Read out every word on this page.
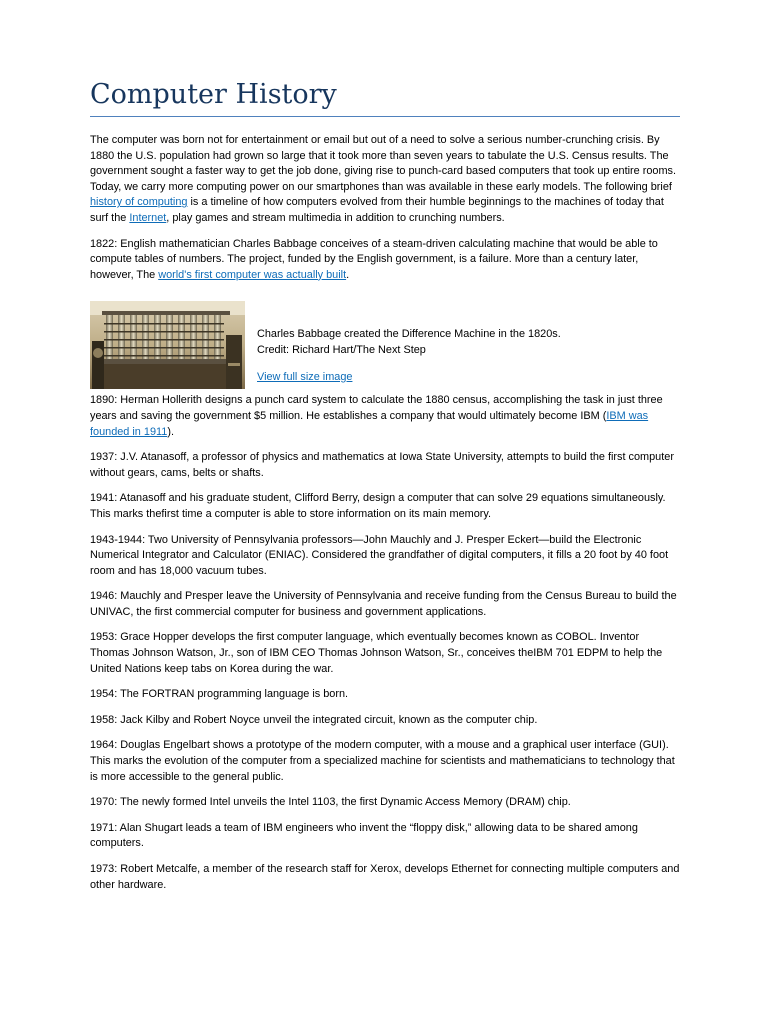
Computer History

The computer was born not for entertainment or email but out of a need to solve a serious number-crunching crisis. By 1880 the U.S. population had grown so large that it took more than seven years to tabulate the U.S. Census results. The government sought a faster way to get the job done, giving rise to punch-card based computers that took up entire rooms. Today, we carry more computing power on our smartphones than was available in these early models. The following brief history of computing is a timeline of how computers evolved from their humble beginnings to the machines of today that surf the Internet, play games and stream multimedia in addition to crunching numbers.

1822: English mathematician Charles Babbage conceives of a steam-driven calculating machine that would be able to compute tables of numbers. The project, funded by the English government, is a failure. More than a century later, however, The world's first computer was actually built.

Charles Babbage created the Difference Machine in the 1820s.
Credit: Richard Hart/The Next Step
View full size image

1890: Herman Hollerith designs a punch card system to calculate the 1880 census, accomplishing the task in just three years and saving the government $5 million. He establishes a company that would ultimately become IBM (IBM was founded in 1911).

1937: J.V. Atanasoff, a professor of physics and mathematics at Iowa State University, attempts to build the first computer without gears, cams, belts or shafts.

1941: Atanasoff and his graduate student, Clifford Berry, design a computer that can solve 29 equations simultaneously. This marks thefirst time a computer is able to store information on its main memory.

1943-1944: Two University of Pennsylvania professors—John Mauchly and J. Presper Eckert—build the Electronic Numerical Integrator and Calculator (ENIAC). Considered the grandfather of digital computers, it fills a 20 foot by 40 foot room and has 18,000 vacuum tubes.

1946: Mauchly and Presper leave the University of Pennsylvania and receive funding from the Census Bureau to build the UNIVAC, the first commercial computer for business and government applications.

1953: Grace Hopper develops the first computer language, which eventually becomes known as COBOL. Inventor Thomas Johnson Watson, Jr., son of IBM CEO Thomas Johnson Watson, Sr., conceives theIBM 701 EDPM to help the United Nations keep tabs on Korea during the war.

1954: The FORTRAN programming language is born.

1958: Jack Kilby and Robert Noyce unveil the integrated circuit, known as the computer chip.

1964: Douglas Engelbart shows a prototype of the modern computer, with a mouse and a graphical user interface (GUI). This marks the evolution of the computer from a specialized machine for scientists and mathematicians to technology that is more accessible to the general public.

1970: The newly formed Intel unveils the Intel 1103, the first Dynamic Access Memory (DRAM) chip.

1971: Alan Shugart leads a team of IBM engineers who invent the “floppy disk,” allowing data to be shared among computers.

1973: Robert Metcalfe, a member of the research staff for Xerox, develops Ethernet for connecting multiple computers and other hardware.
